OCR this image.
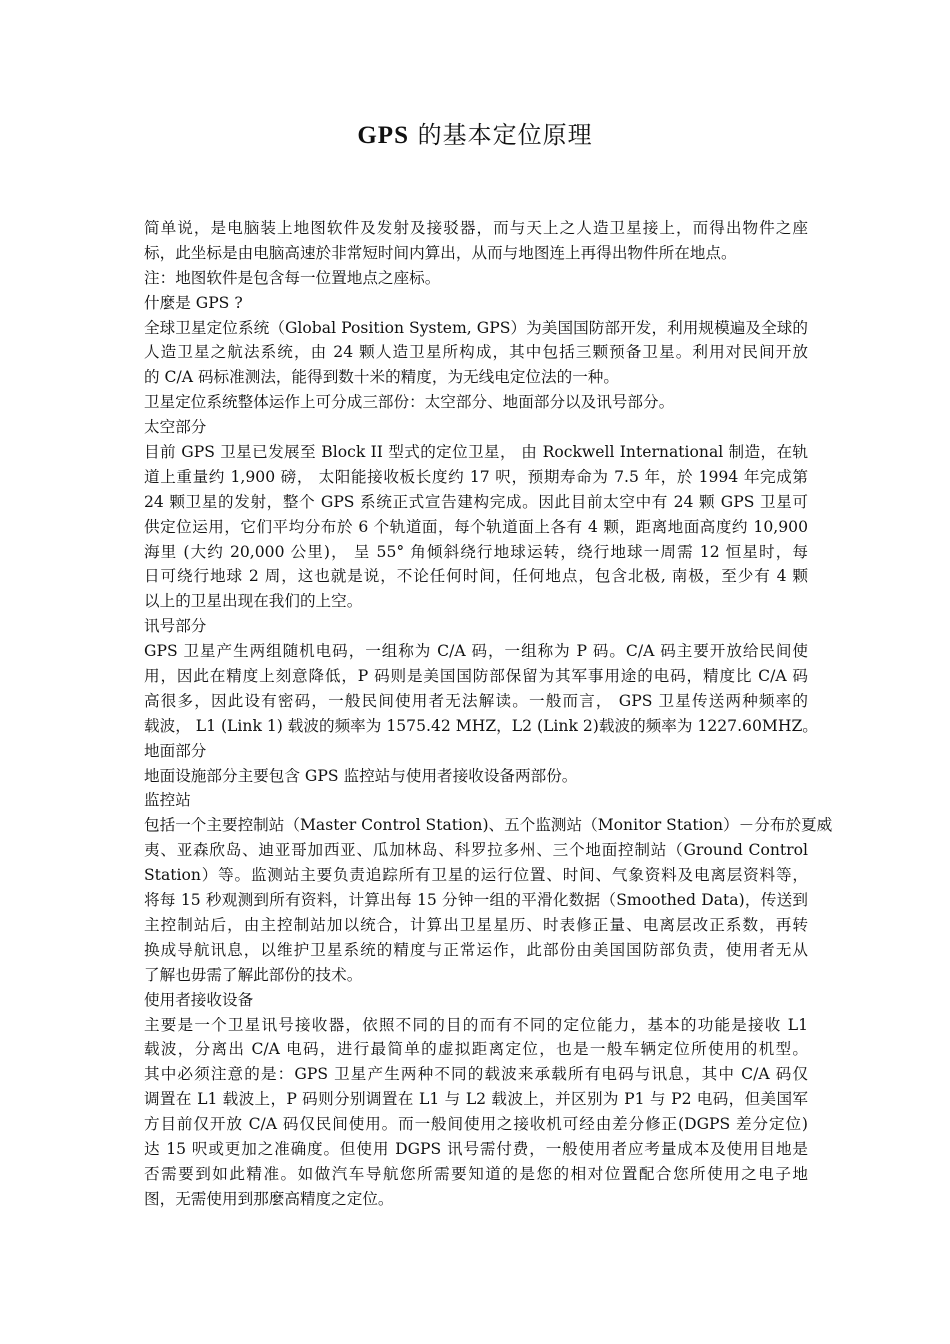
GPS 的基本定位原理
简单说，是电脑装上地图软件及发射及接驳器，而与天上之人造卫星接上，而得出物件之座
标，此坐标是由电脑高速於非常短时间内算出，从而与地图连上再得出物件所在地点。
注：地图软件是包含每一位置地点之座标。
什麼是 GPS ?
全球卫星定位系统（Global Position System, GPS）为美国国防部开发，利用规模遍及全球的
人造卫星之航法系统，由 24 颗人造卫星所构成，其中包括三颗预备卫星。利用对民间开放
的 C/A 码标准测法，能得到数十米的精度，为无线电定位法的一种。
卫星定位系统整体运作上可分成三部份：太空部分、地面部分以及讯号部分。
太空部分
目前 GPS 卫星已发展至 Block II 型式的定位卫星， 由 Rockwell International 制造，在轨
道上重量约 1,900 磅， 太阳能接收板长度约 17 呎，预期寿命为 7.5 年，於 1994 年完成第
24 颗卫星的发射，整个 GPS 系统正式宣告建构完成。因此目前太空中有 24 颗 GPS 卫星可
供定位运用，它们平均分布於 6 个轨道面，每个轨道面上各有 4 颗，距离地面高度约 10,900
海里 (大约 20,000 公里)， 呈 55° 角倾斜绕行地球运转，绕行地球一周需 12 恒星时，每
日可绕行地球 2 周，这也就是说，不论任何时间，任何地点，包含北极, 南极，至少有 4 颗
以上的卫星出现在我们的上空。
讯号部分
GPS 卫星产生两组随机电码，一组称为 C/A 码，一组称为 P 码。C/A 码主要开放给民间使
用，因此在精度上刻意降低，P 码则是美国国防部保留为其军事用途的电码，精度比 C/A 码
高很多，因此设有密码，一般民间使用者无法解读。一般而言， GPS 卫星传送两种频率的
载波， L1 (Link 1) 载波的频率为 1575.42 MHZ，L2 (Link 2)载波的频率为 1227.60MHZ。
地面部分
地面设施部分主要包含 GPS 监控站与使用者接收设备两部份。
监控站
包括一个主要控制站（Master Control Station)、五个监测站（Monitor Station）－分布於夏威
夷、亚森欣岛、迪亚哥加西亚、瓜加林岛、科罗拉多州、三个地面控制站（Ground Control
Station）等。监测站主要负责追踪所有卫星的运行位置、时间、气象资料及电离层资料等，
将每 15 秒观测到所有资料，计算出每 15 分钟一组的平滑化数据（Smoothed Data)，传送到
主控制站后，由主控制站加以统合，计算出卫星星历、时表修正量、电离层改正系数，再转
换成导航讯息，以维护卫星系统的精度与正常运作，此部份由美国国防部负责，使用者无从
了解也毋需了解此部份的技术。
使用者接收设备
主要是一个卫星讯号接收器，依照不同的目的而有不同的定位能力，基本的功能是接收 L1
载波，分离出 C/A 电码，进行最简单的虚拟距离定位，也是一般车辆定位所使用的机型。
其中必须注意的是：GPS 卫星产生两种不同的载波来承载所有电码与讯息，其中 C/A 码仅
调置在 L1 载波上，P 码则分别调置在 L1 与 L2 载波上，并区别为 P1 与 P2 电码，但美国军
方目前仅开放 C/A 码仅民间使用。而一般间使用之接收机可经由差分修正(DGPS 差分定位)
达 15 呎或更加之准确度。但使用 DGPS 讯号需付费，一般使用者应考量成本及使用目地是
否需要到如此精准。如做汽车导航您所需要知道的是您的相对位置配合您所使用之电子地
图，无需使用到那麼高精度之定位。
